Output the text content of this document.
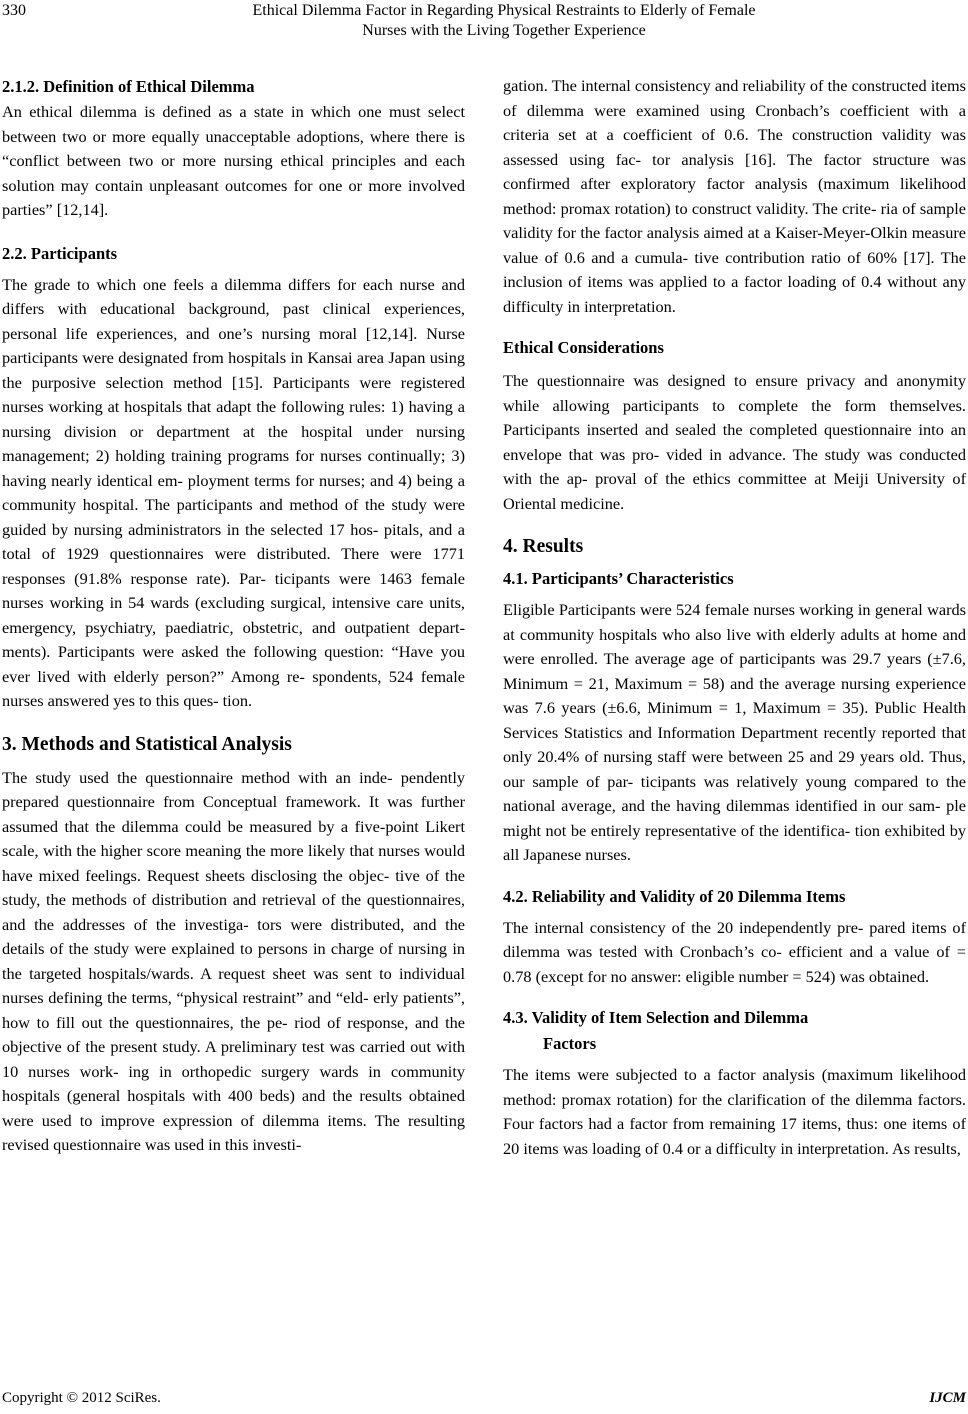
330	Ethical Dilemma Factor in Regarding Physical Restraints to Elderly of Female
Nurses with the Living Together Experience
2.1.2. Definition of Ethical Dilemma

An ethical dilemma is defined as a state in which one must select between two or more equally unacceptable adoptions, where there is “conflict between two or more nursing ethical principles and each solution may contain unpleasant outcomes for one or more involved parties” [12,14].

2.2. Participants

The grade to which one feels a dilemma differs for each nurse and differs with educational background, past clinical experiences, personal life experiences, and one’s nursing moral [12,14]. Nurse participants were designated from hospitals in Kansai area Japan using the purposive selection method [15]. Participants were registered nurses working at hospitals that adapt the following rules: 1) having a nursing division or department at the hospital under nursing management; 2) holding training programs for nurses continually; 3) having nearly identical em- ployment terms for nurses; and 4) being a community hospital. The participants and method of the study were guided by nursing administrators in the selected 17 hos- pitals, and a total of 1929 questionnaires were distributed. There were 1771 responses (91.8% response rate). Par- ticipants were 1463 female nurses working in 54 wards (excluding surgical, intensive care units, emergency, psychiatry, paediatric, obstetric, and outpatient depart- ments). Participants were asked the following question: “Have you ever lived with elderly person?” Among re- spondents, 524 female nurses answered yes to this ques- tion.

3. Methods and Statistical Analysis

The study used the questionnaire method with an inde- pendently prepared questionnaire from Conceptual framework. It was further assumed that the dilemma could be measured by a five-point Likert scale, with the higher score meaning the more likely that nurses would have mixed feelings. Request sheets disclosing the objec- tive of the study, the methods of distribution and retrieval of the questionnaires, and the addresses of the investiga- tors were distributed, and the details of the study were explained to persons in charge of nursing in the targeted hospitals/wards. A request sheet was sent to individual nurses defining the terms, “physical restraint” and “eld- erly patients”, how to fill out the questionnaires, the pe- riod of response, and the objective of the present study. A preliminary test was carried out with 10 nurses work- ing in orthopedic surgery wards in community hospitals (general hospitals with 400 beds) and the results obtained were used to improve expression of dilemma items. The resulting revised questionnaire was used in this investi-

gation. The internal consistency and reliability of the constructed items of dilemma were examined using Cronbach’s coefficient with a criteria set at a coefficient of 0.6. The construction validity was assessed using fac- tor analysis [16]. The factor structure was confirmed after exploratory factor analysis (maximum likelihood method: promax rotation) to construct validity. The crite- ria of sample validity for the factor analysis aimed at a Kaiser-Meyer-Olkin measure value of 0.6 and a cumula- tive contribution ratio of 60% [17]. The inclusion of items was applied to a factor loading of 0.4 without any difficulty in interpretation.

Ethical Considerations

The questionnaire was designed to ensure privacy and anonymity while allowing participants to complete the form themselves. Participants inserted and sealed the completed questionnaire into an envelope that was pro- vided in advance. The study was conducted with the ap- proval of the ethics committee at Meiji University of Oriental medicine.

4. Results
4.1. Participants’ Characteristics

Eligible Participants were 524 female nurses working in general wards at community hospitals who also live with elderly adults at home and were enrolled. The average age of participants was 29.7 years (±7.6, Minimum = 21, Maximum = 58) and the average nursing experience was 7.6 years (±6.6, Minimum = 1, Maximum = 35). Public Health Services Statistics and Information Department recently reported that only 20.4% of nursing staff were between 25 and 29 years old. Thus, our sample of par- ticipants was relatively young compared to the national average, and the having dilemmas identified in our sam- ple might not be entirely representative of the identifica- tion exhibited by all Japanese nurses.

4.2. Reliability and Validity of 20 Dilemma Items

The internal consistency of the 20 independently pre- pared items of dilemma was tested with Cronbach’s co- efficient and a value of = 0.78 (except for no answer: eligible number = 524) was obtained.

4.3. Validity of Item Selection and Dilemma
Factors

The items were subjected to a factor analysis (maximum likelihood method: promax rotation) for the clarification of the dilemma factors. Four factors had a factor from remaining 17 items, thus: one items of 20 items was loading of 0.4 or a difficulty in interpretation. As results,

Copyright © 2012 SciRes.	IJCM
